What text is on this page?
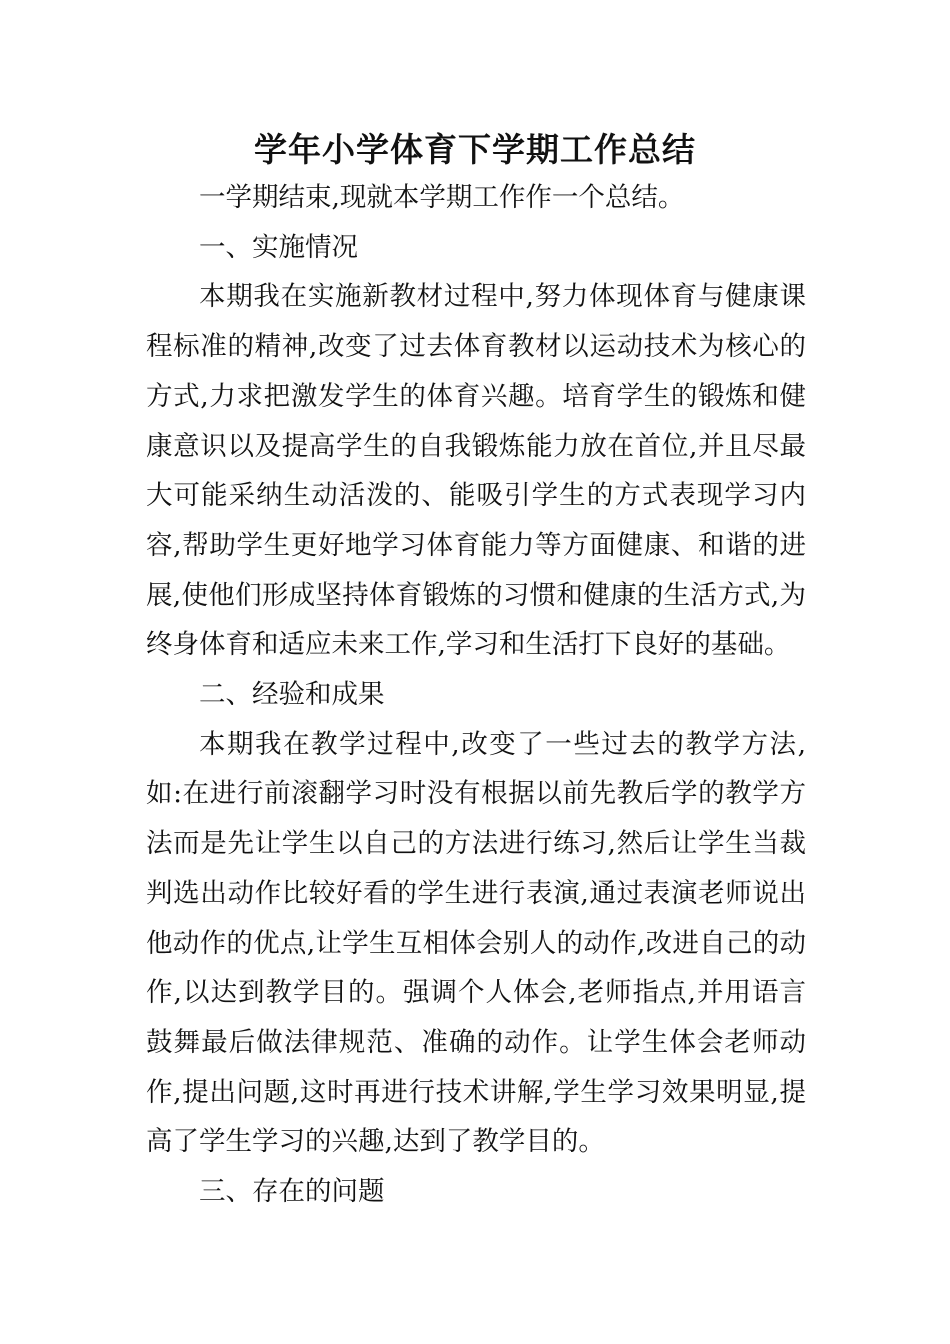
学年小学体育下学期工作总结

一学期结束,现就本学期工作作一个总结。

一、实施情况

本期我在实施新教材过程中,努力体现体育与健康课程标准的精神,改变了过去体育教材以运动技术为核心的方式,力求把激发学生的体育兴趣。培育学生的锻炼和健康意识以及提高学生的自我锻炼能力放在首位,并且尽最大可能采纳生动活泼的、能吸引学生的方式表现学习内容,帮助学生更好地学习体育能力等方面健康、和谐的进展,使他们形成坚持体育锻炼的习惯和健康的生活方式,为终身体育和适应未来工作,学习和生活打下良好的基础。

二、经验和成果

本期我在教学过程中,改变了一些过去的教学方法,如:在进行前滚翻学习时没有根据以前先教后学的教学方法而是先让学生以自己的方法进行练习,然后让学生当裁判选出动作比较好看的学生进行表演,通过表演老师说出他动作的优点,让学生互相体会别人的动作,改进自己的动作,以达到教学目的。强调个人体会,老师指点,并用语言鼓舞最后做法律规范、准确的动作。让学生体会老师动作,提出问题,这时再进行技术讲解,学生学习效果明显,提高了学生学习的兴趣,达到了教学目的。

三、存在的问题
